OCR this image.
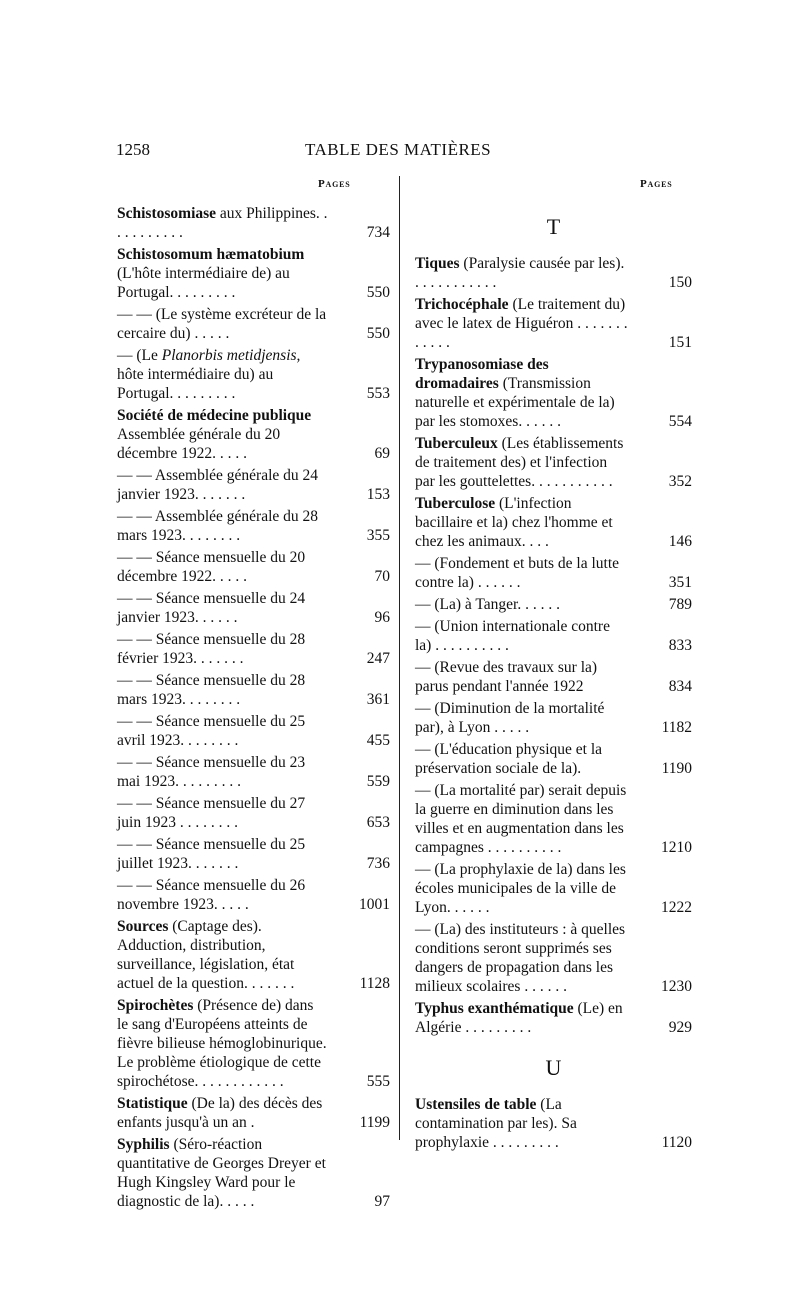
1258	TABLE DES MATIÈRES
Pages	Pages
Schistosomiase aux Philippines. . . . . . . . . . .	734
Schistosomum hæmatobium (L'hôte intermédiaire de) au Portugal. . . . . . . . .	550
— — (Le système excréteur de la cercaire du) . . . . .	550
— (Le Planorbis metidjensis, hôte intermédiaire du) au Portugal. . . . . . . . .	553
Société de médecine publique Assemblée générale du 20 décembre 1922. . . . .	69
— — Assemblée générale du 24 janvier 1923. . . . . . .	153
— — Assemblée générale du 28 mars 1923. . . . . . . .	355
— — Séance mensuelle du 20 décembre 1922. . . . .	70
— — Séance mensuelle du 24 janvier 1923. . . . . .	96
— — Séance mensuelle du 28 février 1923. . . . . . .	247
— — Séance mensuelle du 28 mars 1923. . . . . . . .	361
— — Séance mensuelle du 25 avril 1923. . . . . . . .	455
— — Séance mensuelle du 23 mai 1923. . . . . . . . .	559
— — Séance mensuelle du 27 juin 1923 . . . . . . . .	653
— — Séance mensuelle du 25 juillet 1923. . . . . . .	736
— — Séance mensuelle du 26 novembre 1923. . . . .	1001
Sources (Captage des). Adduction, distribution, surveillance, législation, état actuel de la question. . . . . . .	1128
Spirochètes (Présence de) dans le sang d'Européens atteints de fièvre bilieuse hémoglobinurique. Le problème étiologique de cette spirochétose. . . . . . . . . . . .	555
Statistique (De la) des décès des enfants jusqu'à un an .	1199
Syphilis (Séro-réaction quantitative de Georges Dreyer et Hugh Kingsley Ward pour le diagnostic de la). . . . .	97
T
Tiques (Paralysie causée par les). . . . . . . . . . . .	150
Trichocéphale (Le traitement du) avec le latex de Higuéron . . . . . . . . . . . .	151
Trypanosomiase des dromadaires (Transmission naturelle et expérimentale de la) par les stomoxes. . . . . .	554
Tuberculeux (Les établissements de traitement des) et l'infection par les gouttelettes. . . . . . . . . . .	352
Tuberculose (L'infection bacillaire et la) chez l'homme et chez les animaux. . . .	146
— (Fondement et buts de la lutte contre la) . . . . . .	351
— (La) à Tanger. . . . . .	789
— (Union internationale contre la) . . . . . . . . . .	833
— (Revue des travaux sur la) parus pendant l'année 1922	834
— (Diminution de la mortalité par), à Lyon . . . . .	1182
— (L'éducation physique et la préservation sociale de la).	1190
— (La mortalité par) serait depuis la guerre en diminution dans les villes et en augmentation dans les campagnes . . . . . . . . . .	1210
— (La prophylaxie de la) dans les écoles municipales de la ville de Lyon. . . . . .	1222
— (La) des instituteurs : à quelles conditions seront supprimés ses dangers de propagation dans les milieux scolaires . . . . . .	1230
Typhus exanthématique (Le) en Algérie . . . . . . . . .	929
U
Ustensiles de table (La contamination par les). Sa prophylaxie . . . . . . . . .	1120
